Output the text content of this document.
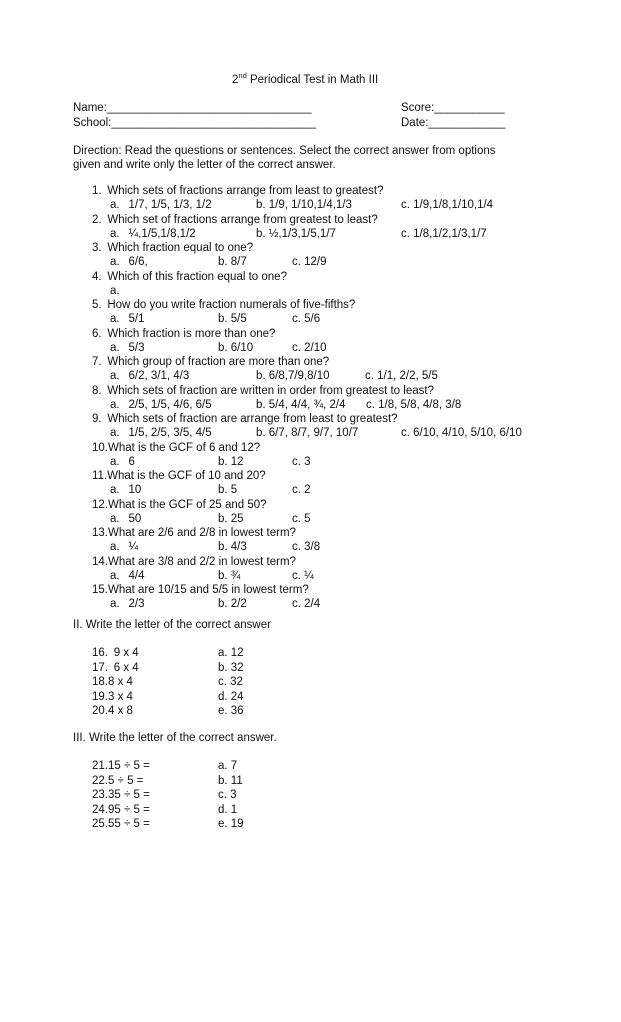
2nd Periodical Test in Math III
Name:________________________________	Score:___________
School:________________________________	Date:____________
Direction: Read the questions or sentences. Select the correct answer from options
given and write only the letter of the correct answer.
1. Which sets of fractions arrange from least to greatest?
a.  1/7, 1/5, 1/3, 1/2	b. 1/9, 1/10,1/4,1/3	c. 1/9,1/8,1/10,1/4
2. Which set of fractions arrange from greatest to least?
a.  ¼,1/5,1/8,1/2	b. ½,1/3,1/5,1/7	c. 1/8,1/2,1/3,1/7
3. Which fraction equal to one?
a.  6/6,	b. 8/7	c. 12/9
4. Which of this fraction equal to one?
a.
5. How do you write fraction numerals of five-fifths?
a.  5/1	b. 5/5	c. 5/6
6. Which fraction is more than one?
a.  5/3	b. 6/10	c. 2/10
7. Which group of fraction are more than one?
a.  6/2, 3/1, 4/3	b. 6/8,7/9,8/10	c. 1/1, 2/2, 5/5
8. Which sets of fraction are written in order from greatest to least?
a.  2/5, 1/5, 4/6, 6/5	b. 5/4, 4/4, ¾, 2/4 c. 1/8, 5/8, 4/8, 3/8
9. Which sets of fraction are arrange from least to greatest?
a.  1/5, 2/5, 3/5, 4/5	b. 6/7, 8/7, 9/7, 10/7	c. 6/10, 4/10, 5/10, 6/10
10.What is the GCF of 6 and 12?
a.  6	b. 12	c. 3
11.What is the GCF of 10 and 20?
a.  10	b. 5	c. 2
12.What is the GCF of 25 and 50?
a.  50	b. 25	c. 5
13.What are 2/6 and 2/8 in lowest term?
a.  ¼	b. 4/3	c. 3/8
14.What are 3/8 and 2/2 in lowest term?
a.  4/4	b. ¾	c. ¼
15.What are 10/15 and 5/5 in lowest term?
a.  2/3	b. 2/2	c. 2/4
II. Write the letter of the correct answer
16. 9 x 4	a. 12
17. 6 x 4	b. 32
18.8 x 4	c. 32
19.3 x 4	d. 24
20.4 x 8	e. 36
III. Write the letter of the correct answer.
21.15 ÷ 5 =	a. 7
22.5 ÷ 5 =	b. 11
23.35 ÷ 5 =	c. 3
24.95 ÷ 5 =	d. 1
25.55 ÷ 5 =	e. 19
